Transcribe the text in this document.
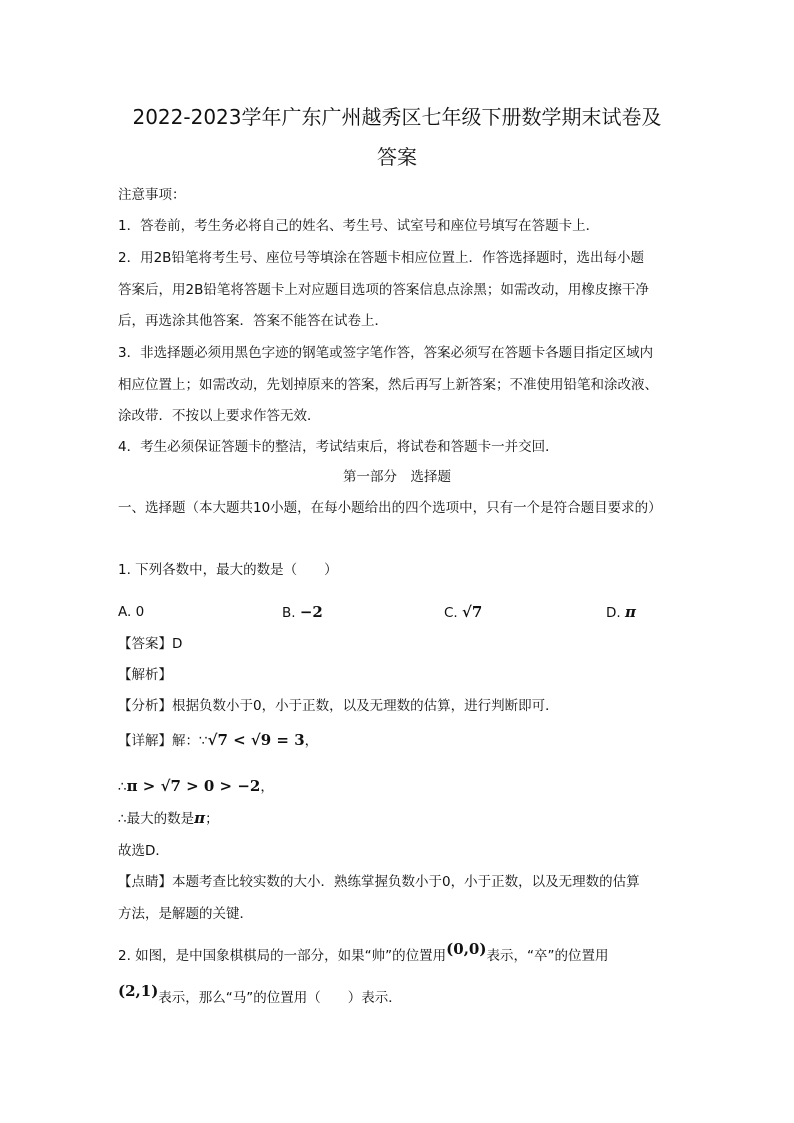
2022-2023学年广东广州越秀区七年级下册数学期末试卷及
答案
注意事项：
1．答卷前，考生务必将自己的姓名、考生号、试室号和座位号填写在答题卡上．
2．用2B铅笔将考生号、座位号等填涂在答题卡相应位置上．作答选择题时，选出每小题
答案后，用2B铅笔将答题卡上对应题目选项的答案信息点涂黑；如需改动，用橡皮擦干净
后，再选涂其他答案．答案不能答在试卷上．
3．非选择题必须用黑色字迹的钢笔或签字笔作答，答案必须写在答题卡各题目指定区域内
相应位置上；如需改动，先划掉原来的答案，然后再写上新答案；不准使用铅笔和涂改液、
涂改带．不按以上要求作答无效．
4．考生必须保证答题卡的整洁，考试结束后，将试卷和答题卡一并交回．
第一部分　选择题
一、选择题（本大题共10小题，在每小题给出的四个选项中，只有一个是符合题目要求的）
1. 下列各数中，最大的数是（　　）
A. 0	B. −2	C. √7	D. π
【答案】D
【解析】
【分析】根据负数小于0，小于正数，以及无理数的估算，进行判断即可．
【详解】解：∵√7 < √9 = 3，
∴π > √7 > 0 > −2，
∴最大的数是π；
故选D．
【点睛】本题考查比较实数的大小．熟练掌握负数小于0，小于正数，以及无理数的估算
方法，是解题的关键．
2. 如图，是中国象棋棋局的一部分，如果“帅”的位置用(0,0)表示，“卒”的位置用
(2,1)表示，那么“马”的位置用（　　）表示．
